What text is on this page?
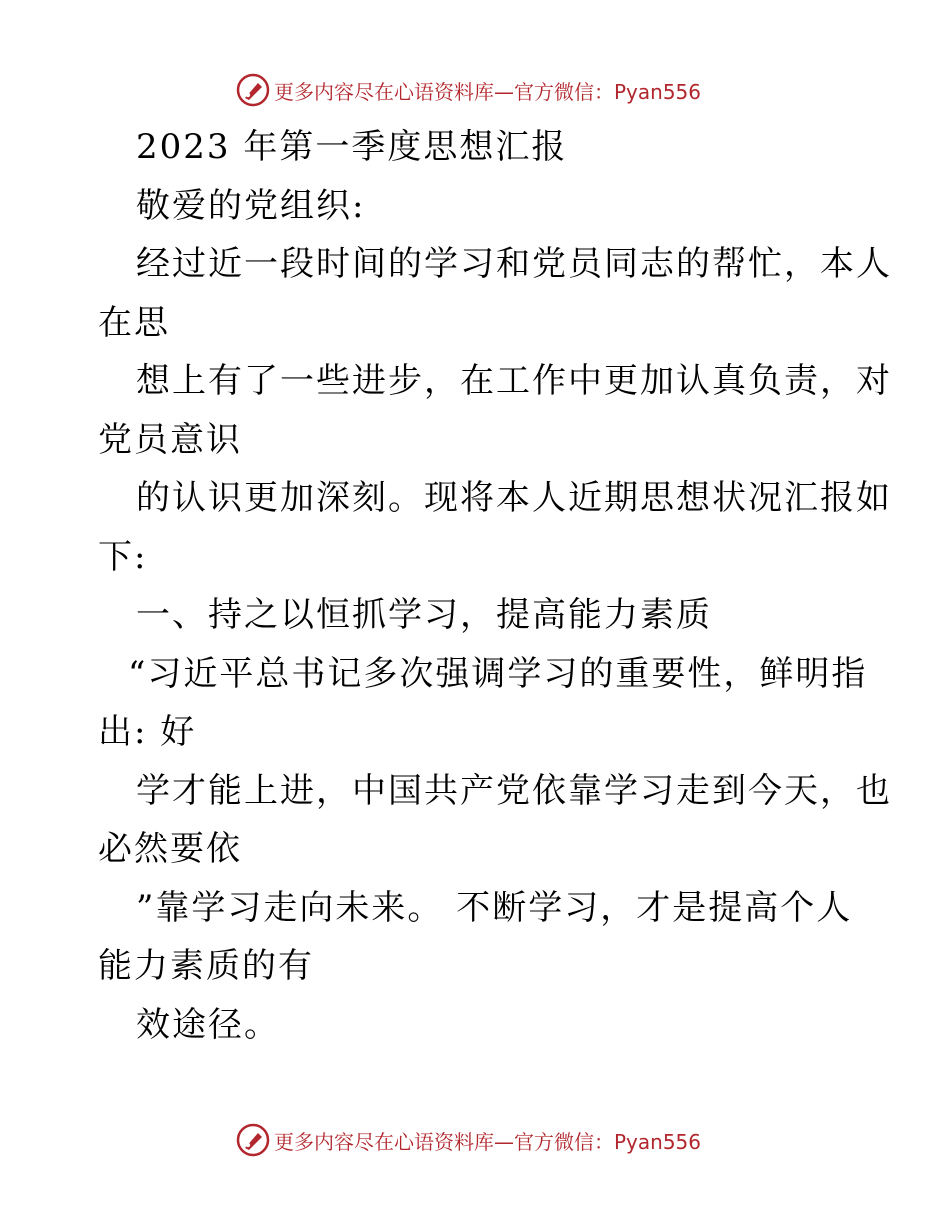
更多内容尽在心语资料库—官方微信：Pyan556
2023 年第一季度思想汇报
敬爱的党组织:
经过近一段时间的学习和党员同志的帮忙，本人
在思
想上有了一些进步，在工作中更加认真负责，对
党员意识
的认识更加深刻。现将本人近期思想状况汇报如
下:
一、持之以恒抓学习，提高能力素质
“习近平总书记多次强调学习的重要性，鲜明指
出: 好
学才能上进，中国共产党依靠学习走到今天，也
必然要依
”靠学习走向未来。 不断学习，才是提高个人
能力素质的有
效途径。
更多内容尽在心语资料库—官方微信：Pyan556
